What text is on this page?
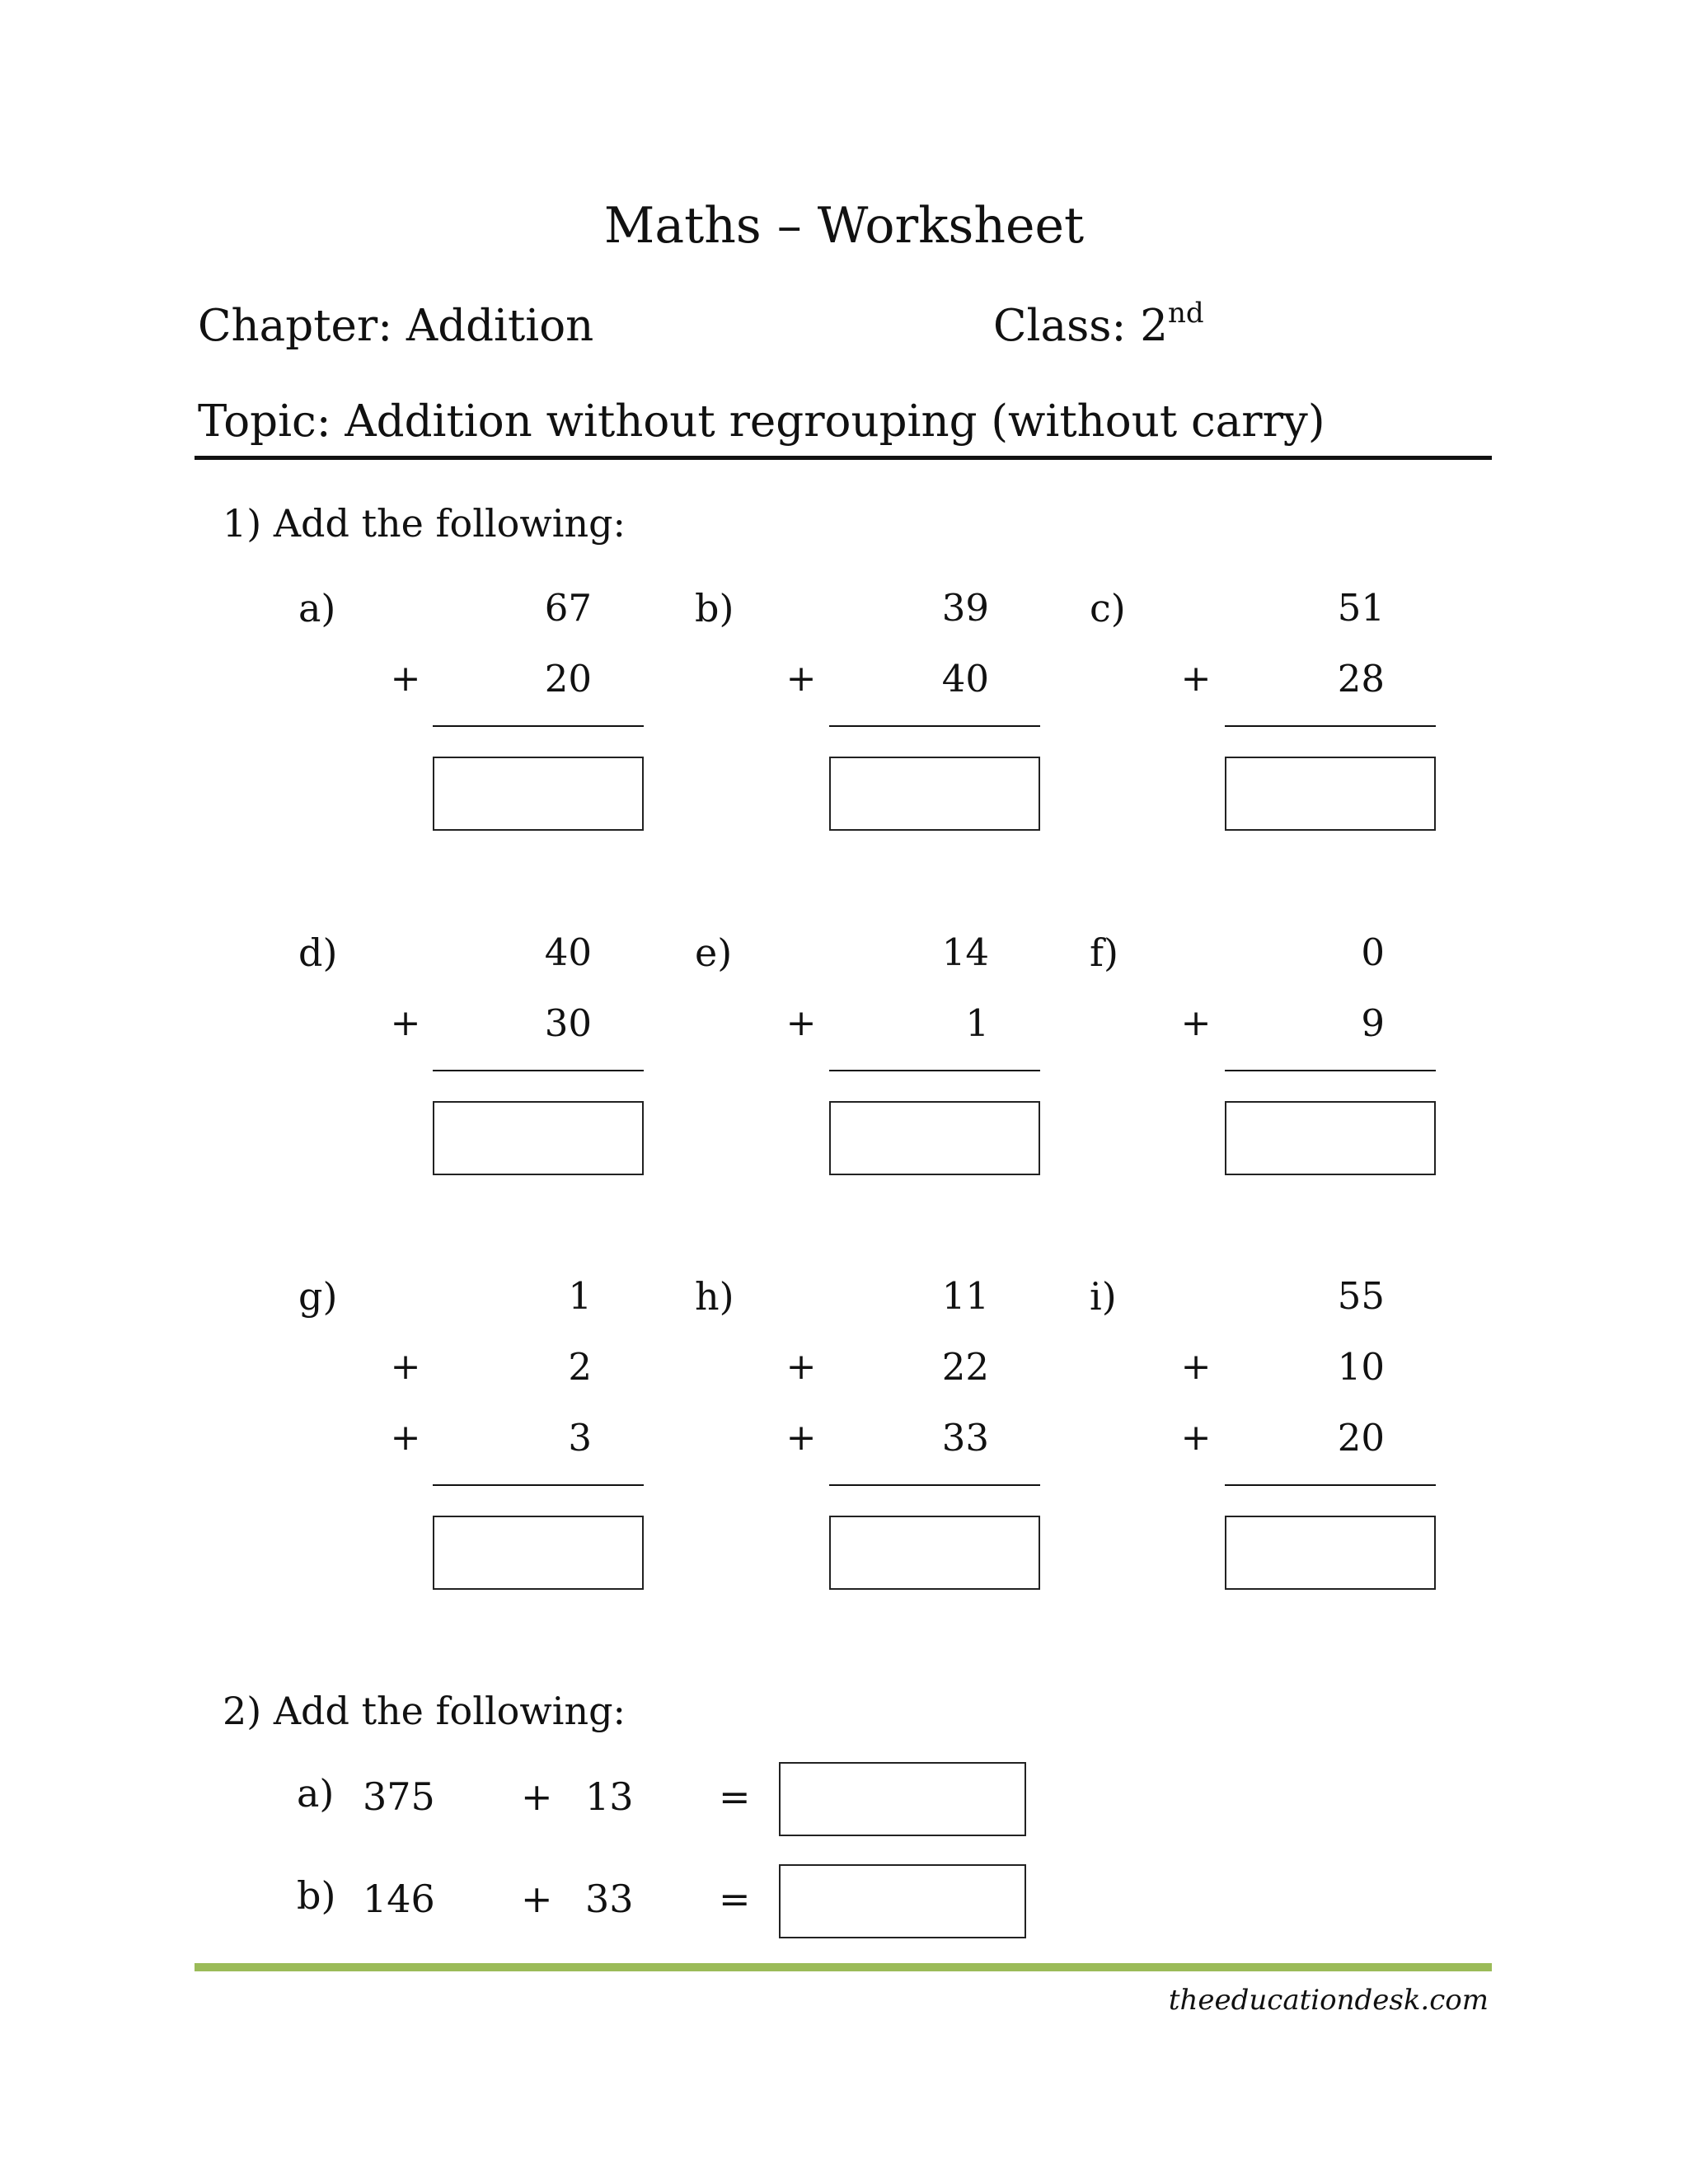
Maths – Worksheet
Chapter: Addition	Class: 2nd
Topic: Addition without regrouping (without carry)
1) Add the following:
a)	67
20
+
b)	39
40
+
c)	51
28
+
d)	40
30
+
e)	14
1
+
f)	0
9
+
g)	1
2
3
+
+
h)	11
22
33
+
+
i)	55
10
20
+
+
2) Add the following:
a) 375 + 13 =
b) 146 + 33 =
theeducationdesk.com
